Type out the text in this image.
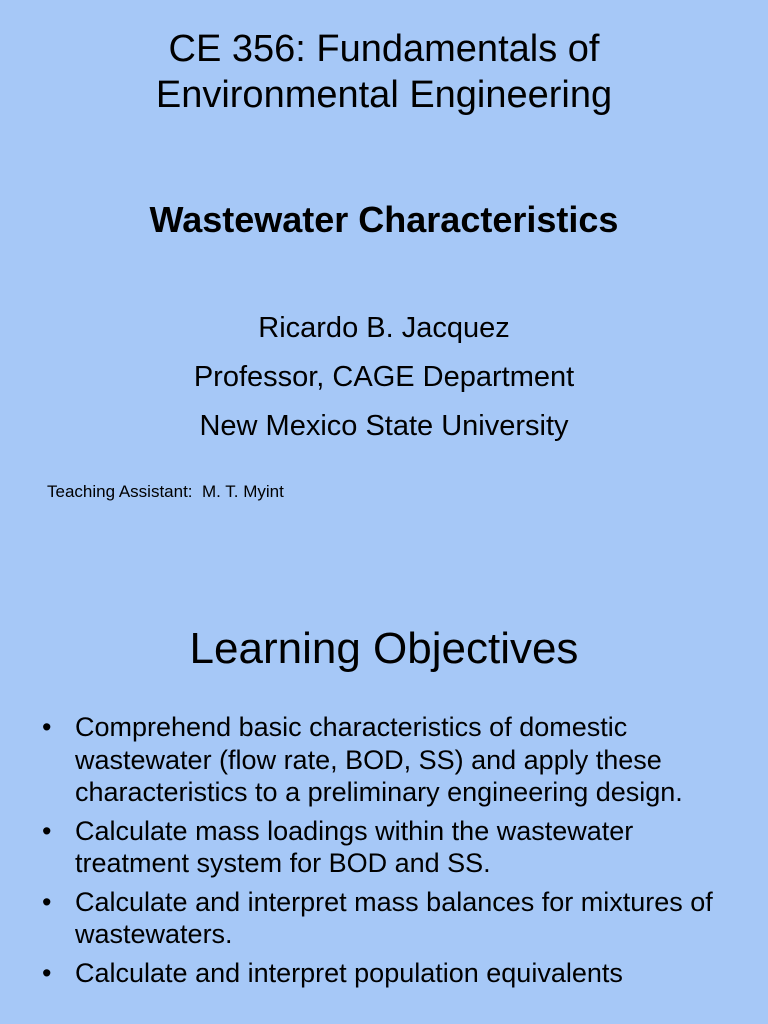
CE 356: Fundamentals of
Environmental Engineering
Wastewater Characteristics
Ricardo B. Jacquez
Professor, CAGE Department
New Mexico State University
Teaching Assistant:  M. T. Myint
Learning Objectives
• Comprehend basic characteristics of domestic wastewater (flow rate, BOD, SS) and apply these characteristics to a preliminary engineering design.
• Calculate mass loadings within the wastewater treatment system for BOD and SS.
• Calculate and interpret mass balances for mixtures of wastewaters.
• Calculate and interpret population equivalents
